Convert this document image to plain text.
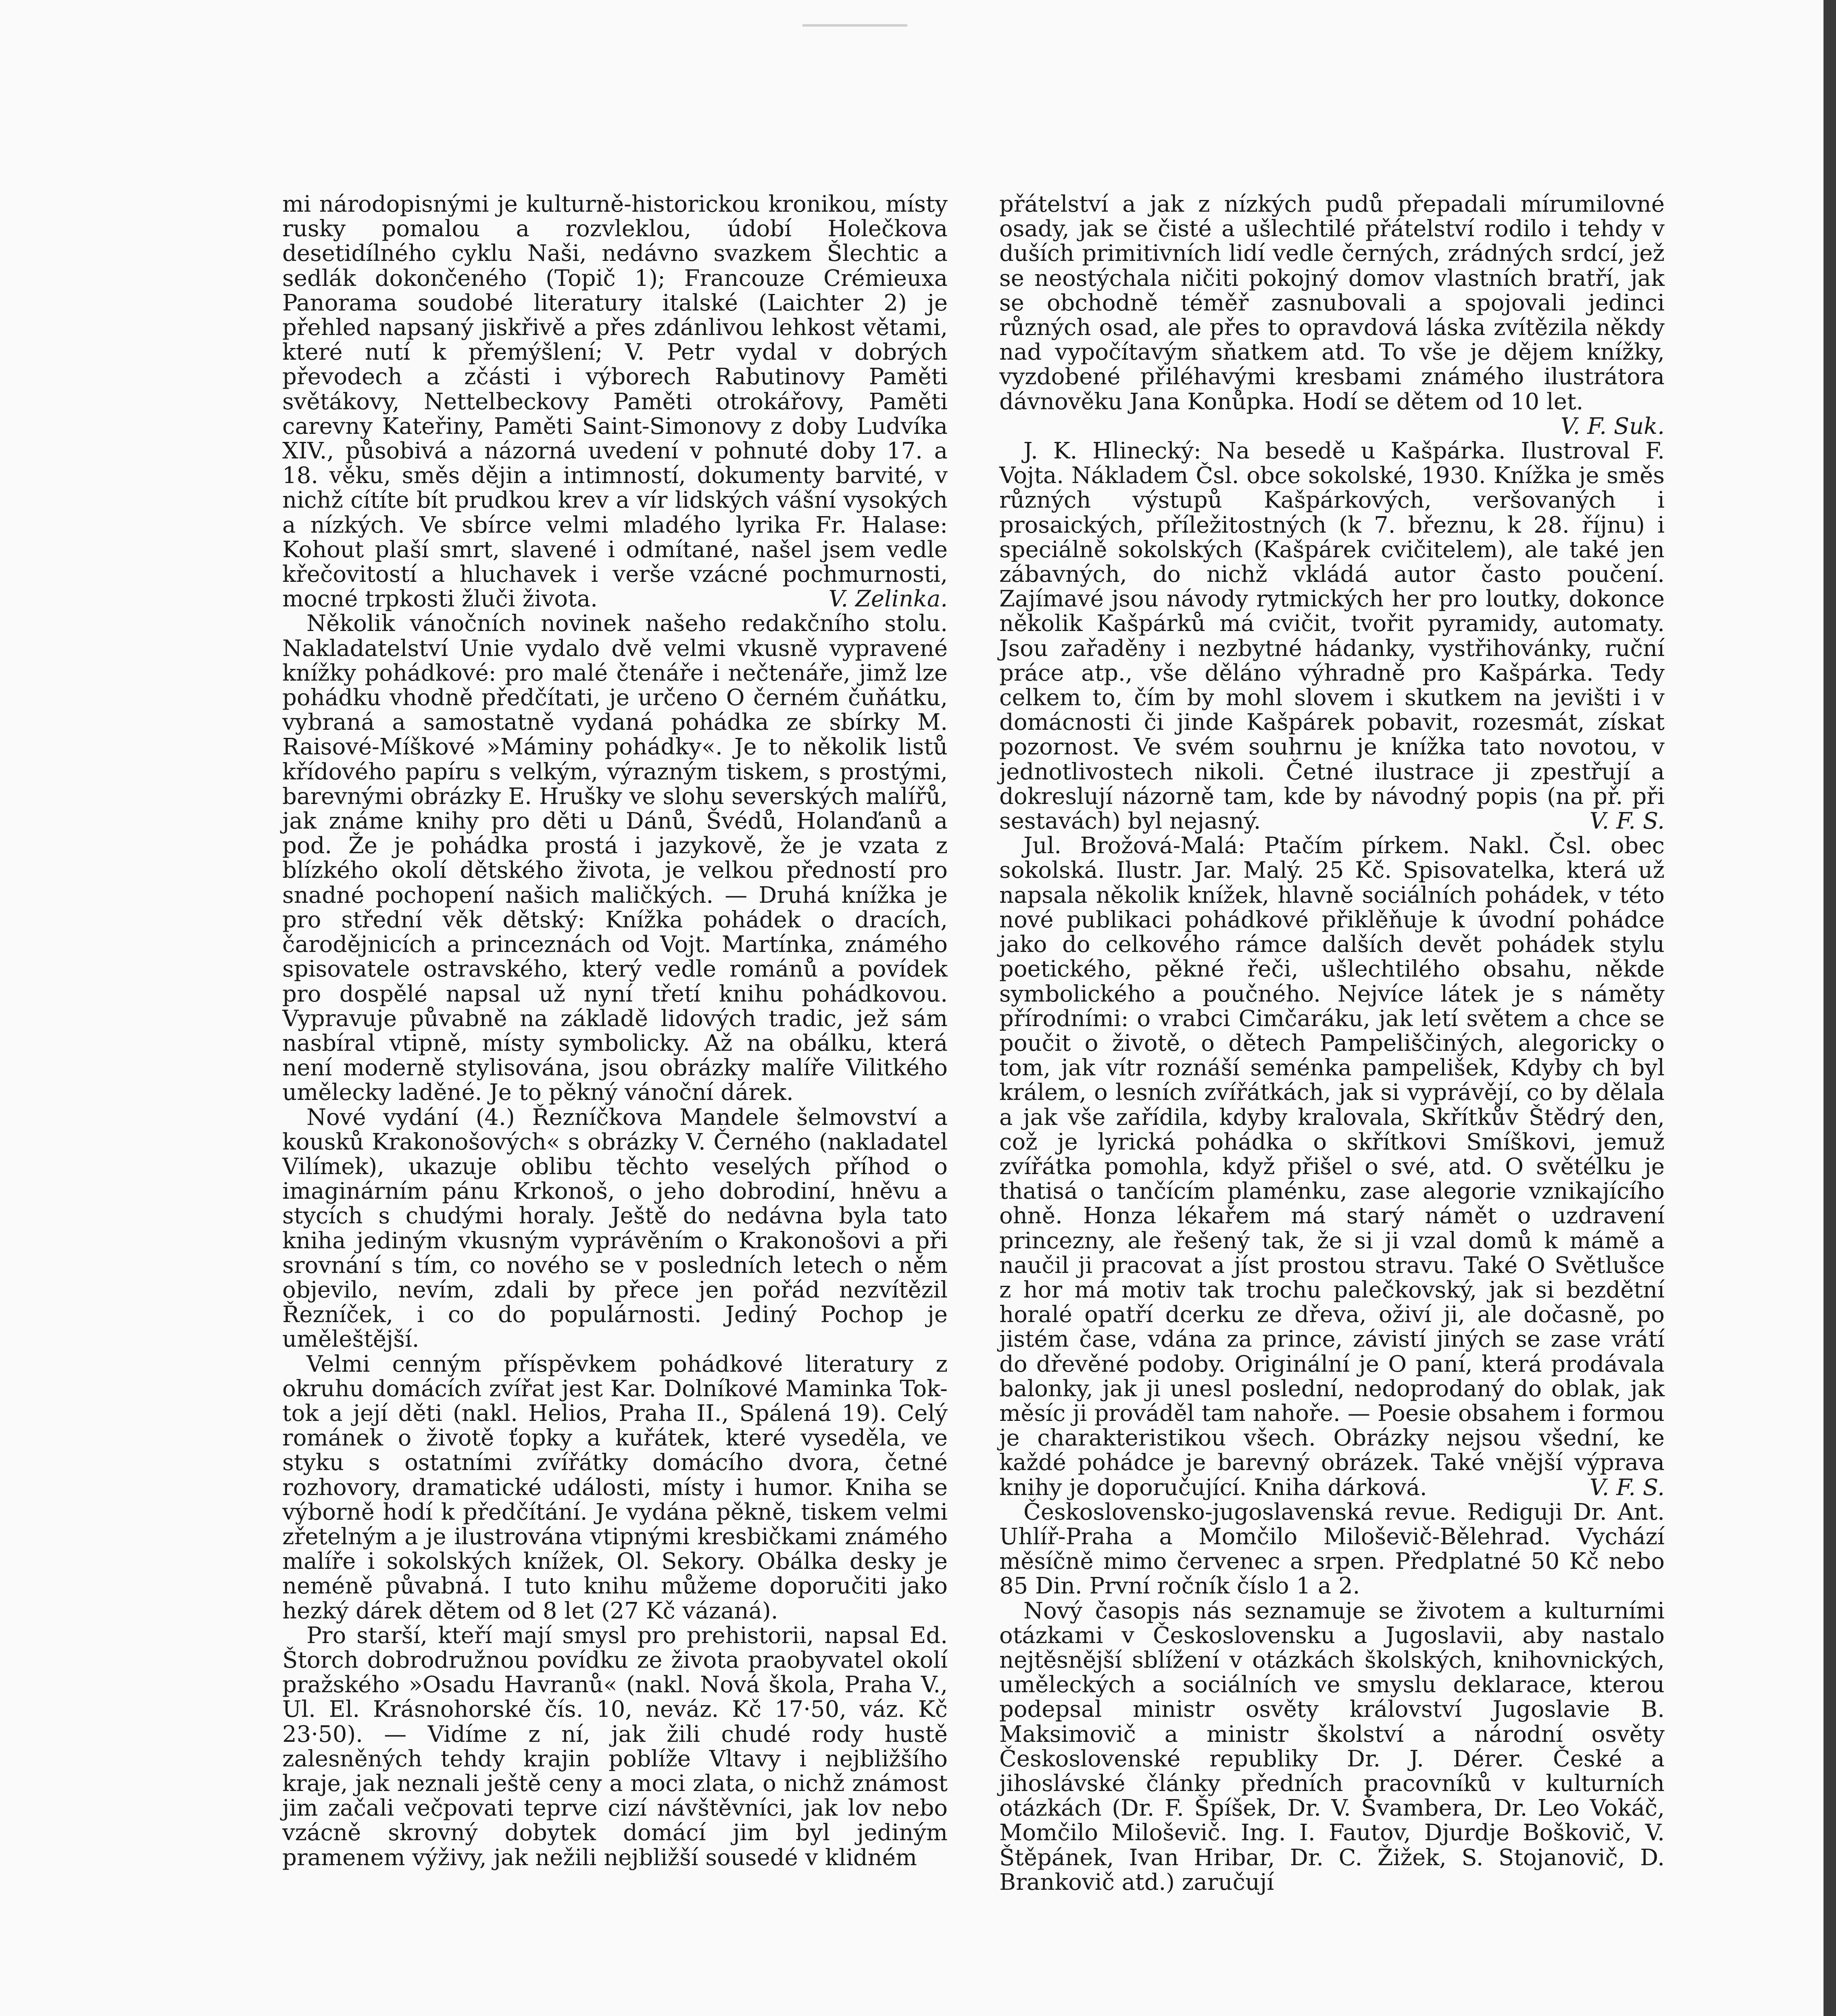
mi národopisnými je kulturně-historickou kronikou, místy rusky pomalou a rozvleklou, údobí Holečkova desetidílného cyklu Naši, nedávno svazkem Šlechtic a sedlák dokončeného (Topič 1); Francouze Crémieuxa Panorama soudobé literatury italské (Laichter 2) je přehled napsaný jiskřivě a přes zdánlivou lehkost větami, které nutí k přemýšlení; V. Petr vydal v dobrých převodech a zčásti i výborech Rabutinovy Paměti světákovy, Nettelbeckovy Paměti otrokářovy, Paměti carevny Kateřiny, Paměti Saint-Simonovy z doby Ludvíka XIV., působivá a názorná uvedení v pohnuté doby 17. a 18. věku, směs dějin a intimností, dokumenty barvité, v nichž cítíte bít prudkou krev a vír lidských vášní vysokých a nízkých. Ve sbírce velmi mladého lyrika Fr. Halase: Kohout plaší smrt, slavené i odmítané, našel jsem vedle křečovitostí a hluchavek i verše vzácné pochmurnosti, mocné trpkosti žluči života.	V. Zelinka.

Několik vánočních novinek našeho redakčního stolu. Nakladatelství Unie vydalo dvě velmi vkusně vypravené knížky pohádkové: pro malé čtenáře i nečtenáře, jimž lze pohádku vhodně předčítati, je určeno O černém čuňátku, vybraná a samostatně vydaná pohádka ze sbírky M. Raisové-Míškové »Máminy pohádky«. Je to několik listů křídového papíru s velkým, výrazným tiskem, s prostými, barevnými obrázky E. Hrušky ve slohu severských malířů, jak známe knihy pro děti u Dánů, Švédů, Holanďanů a pod. Že je pohádka prostá i jazykově, že je vzata z blízkého okolí dětského života, je velkou předností pro snadné pochopení našich maličkých. — Druhá knížka je pro střední věk dětský: Knížka pohádek o dracích, čarodějnicích a princeznách od Vojt. Martínka, známého spisovatele ostravského, který vedle románů a povídek pro dospělé napsal už nyní třetí knihu pohádkovou. Vypravuje půvabně na základě lidových tradic, jež sám nasbíral vtipně, místy symbolicky. Až na obálku, která není moderně stylisována, jsou obrázky malíře Vilitkého umělecky laděné. Je to pěkný vánoční dárek.

Nové vydání (4.) Řezníčkova Mandele šelmovství a kousků Krakonošových« s obrázky V. Černého (nakladatel Vilímek), ukazuje oblibu těchto veselých příhod o imaginárním pánu Krkonoš, o jeho dobrodiní, hněvu a stycích s chudými horaly. Ještě do nedávna byla tato kniha jediným vkusným vyprávěním o Krakonošovi a při srovnání s tím, co nového se v posledních letech o něm objevilo, nevím, zdali by přece jen pořád nezvítězil Řezníček, i co do populárnosti. Jediný Pochop je uměleštější.

Velmi cenným příspěvkem pohádkové literatury z okruhu domácích zvířat jest Kar. Dolníkové Maminka Tok-tok a její děti (nakl. Helios, Praha II., Spálená 19). Celý románek o životě ťopky a kuřátek, které vyseděla, ve styku s ostatními zvířátky domácího dvora, četné rozhovory, dramatické události, místy i humor. Kniha se výborně hodí k předčítání. Je vydána pěkně, tiskem velmi zřetelným a je ilustrována vtipnými kresbičkami známého malíře i sokolských knížek, Ol. Sekory. Obálka desky je neméně půvabná. I tuto knihu můžeme doporučiti jako hezký dárek dětem od 8 let (27 Kč vázaná).

Pro starší, kteří mají smysl pro prehistorii, napsal Ed. Štorch dobrodružnou povídku ze života praobyvatel okolí pražského »Osadu Havranů« (nakl. Nová škola, Praha V., Ul. El. Krásnohorské čís. 10, neváz. Kč 17·50, váz. Kč 23·50). — Vidíme z ní, jak žili chudé rody hustě zalesněných tehdy krajin poblíže Vltavy i nejbližšího kraje, jak neznali ještě ceny a moci zlata, o nichž známost jim začali večpovati teprve cizí návštěvníci, jak lov nebo vzácně skrovný dobytek domácí jim byl jediným pramenem výživy, jak nežili nejbližší sousedé v klidném

přátelství a jak z nízkých pudů přepadali mírumilovné osady, jak se čisté a ušlechtilé přátelství rodilo i tehdy v duších primitivních lidí vedle černých, zrádných srdcí, jež se neostýchala ničiti pokojný domov vlastních bratří, jak se obchodně téměř zasnubovali a spojovali jedinci různých osad, ale přes to opravdová láska zvítězila někdy nad vypočítavým sňatkem atd. To vše je dějem knížky, vyzdobené přiléhavými kresbami známého ilustrátora dávnověku Jana Konůpka. Hodí se dětem od 10 let.
V. F. Suk.

J. K. Hlinecký: Na besedě u Kašpárka. Ilustroval F. Vojta. Nákladem Čsl. obce sokolské, 1930. Knížka je směs různých výstupů Kašpárkových, veršovaných i prosaických, příležitostných (k 7. březnu, k 28. říjnu) i speciálně sokolských (Kašpárek cvičitelem), ale také jen zábavných, do nichž vkládá autor často poučení. Zajímavé jsou návody rytmických her pro loutky, dokonce několik Kašpárků má cvičit, tvořit pyramidy, automaty. Jsou zařaděny i nezbytné hádanky, vystřihovánky, ruční práce atp., vše děláno výhradně pro Kašpárka. Tedy celkem to, čím by mohl slovem i skutkem na jevišti i v domácnosti či jinde Kašpárek pobavit, rozesmát, získat pozornost. Ve svém souhrnu je knížka tato novotou, v jednotlivostech nikoli. Četné ilustrace ji zpestřují a dokreslují názorně tam, kde by návodný popis (na př. při sestavách) byl nejasný.	V. F. S.

Jul. Brožová-Malá: Ptačím pírkem. Nakl. Čsl. obec sokolská. Ilustr. Jar. Malý. 25 Kč. Spisovatelka, která už napsala několik knížek, hlavně sociálních pohádek, v této nové publikaci pohádkové přiklěňuje k úvodní pohádce jako do celkového rámce dalších devět pohádek stylu poetického, pěkné řeči, ušlechtilého obsahu, někde symbolického a poučného. Nejvíce látek je s náměty přírodními: o vrabci Cimčaráku, jak letí světem a chce se poučit o životě, o dětech Pampeliščiných, alegoricky o tom, jak vítr roznáší seménka pampelišek, Kdyby ch byl králem, o lesních zvířátkách, jak si vyprávějí, co by dělala a jak vše zařídila, kdyby kralovala, Skřítkův Štědrý den, což je lyrická pohádka o skřítkovi Smíškovi, jemuž zvířátka pomohla, když přišel o své, atd. O světélku je thatisá o tančícím plaménku, zase alegorie vznikajícího ohně. Honza lékařem má starý námět o uzdravení princezny, ale řešený tak, že si ji vzal domů k mámě a naučil ji pracovat a jíst prostou stravu. Také O Světlušce z hor má motiv tak trochu palečkovský, jak si bezdětní horalé opatří dcerku ze dřeva, oživí ji, ale dočasně, po jistém čase, vdána za prince, závistí jiných se zase vrátí do dřevěné podoby. Originální je O paní, která prodávala balonky, jak ji unesl poslední, nedoprodaný do oblak, jak měsíc ji prováděl tam nahoře. — Poesie obsahem i formou je charakteristikou všech. Obrázky nejsou všední, ke každé pohádce je barevný obrázek. Také vnější výprava knihy je doporučující. Kniha dárková.	V. F. S.

Československo-jugoslavenská revue. Rediguji Dr. Ant. Uhlíř-Praha a Momčilo Miloševič-Bělehrad. Vychází měsíčně mimo červenec a srpen. Předplatné 50 Kč nebo 85 Din. První ročník číslo 1 a 2.

Nový časopis nás seznamuje se životem a kulturními otázkami v Československu a Jugoslavii, aby nastalo nejtěsnější sblížení v otázkách školských, knihovnických, uměleckých a sociálních ve smyslu deklarace, kterou podepsal ministr osvěty království Jugoslavie B. Maksimovič a ministr školství a národní osvěty Československé republiky Dr. J. Dérer. České a jihoslávské články předních pracovníků v kulturních otázkách (Dr. F. Špíšek, Dr. V. Švambera, Dr. Leo Vokáč, Momčilo Miloševič. Ing. I. Fautov, Djurdje Boškovič, V. Štěpánek, Ivan Hribar, Dr. C. Žižek, S. Stojanovič, D. Brankovič atd.) zaručují
